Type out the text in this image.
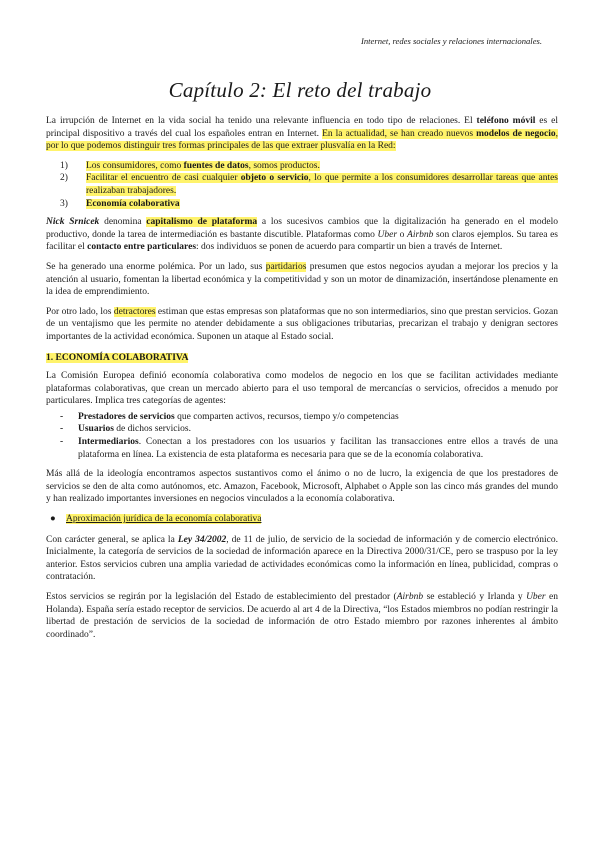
Internet, redes sociales y relaciones internacionales.
Capítulo 2: El reto del trabajo

La irrupción de Internet en la vida social ha tenido una relevante influencia en todo tipo de relaciones. El teléfono móvil es el principal dispositivo a través del cual los españoles entran en Internet. En la actualidad, se han creado nuevos modelos de negocio, por lo que podemos distinguir tres formas principales de las que extraer plusvalía en la Red:

1) Los consumidores, como fuentes de datos, somos productos.
2) Facilitar el encuentro de casi cualquier objeto o servicio, lo que permite a los consumidores desarrollar tareas que antes realizaban trabajadores.
3) Economía colaborativa

Nick Srnicek denomina capitalismo de plataforma a los sucesivos cambios que la digitalización ha generado en el modelo productivo, donde la tarea de intermediación es bastante discutible. Plataformas como Uber o Airbnb son claros ejemplos. Su tarea es facilitar el contacto entre particulares: dos individuos se ponen de acuerdo para compartir un bien a través de Internet.

Se ha generado una enorme polémica. Por un lado, sus partidarios presumen que estos negocios ayudan a mejorar los precios y la atención al usuario, fomentan la libertad económica y la competitividad y son un motor de dinamización, insertándose plenamente en la idea de emprendimiento.

Por otro lado, los detractores estiman que estas empresas son plataformas que no son intermediarios, sino que prestan servicios. Gozan de un ventajismo que les permite no atender debidamente a sus obligaciones tributarias, precarizan el trabajo y denigran sectores importantes de la actividad económica. Suponen un ataque al Estado social.

1. ECONOMÍA COLABORATIVA

La Comisión Europea definió economía colaborativa como modelos de negocio en los que se facilitan actividades mediante plataformas colaborativas, que crean un mercado abierto para el uso temporal de mercancías o servicios, ofrecidos a menudo por particulares. Implica tres categorías de agentes:

- Prestadores de servicios que comparten activos, recursos, tiempo y/o competencias
- Usuarios de dichos servicios.
- Intermediarios. Conectan a los prestadores con los usuarios y facilitan las transacciones entre ellos a través de una plataforma en línea. La existencia de esta plataforma es necesaria para que se de la economía colaborativa.

Más allá de la ideología encontramos aspectos sustantivos como el ánimo o no de lucro, la exigencia de que los prestadores de servicios se den de alta como autónomos, etc. Amazon, Facebook, Microsoft, Alphabet o Apple son las cinco más grandes del mundo y han realizado importantes inversiones en negocios vinculados a la economía colaborativa.

● Aproximación jurídica de la economía colaborativa

Con carácter general, se aplica la Ley 34/2002, de 11 de julio, de servicio de la sociedad de información y de comercio electrónico. Inicialmente, la categoría de servicios de la sociedad de información aparece en la Directiva 2000/31/CE, pero se traspuso por la ley anterior. Estos servicios cubren una amplia variedad de actividades económicas como la información en línea, publicidad, compras o contratación.

Estos servicios se regirán por la legislación del Estado de establecimiento del prestador (Airbnb se estableció y Irlanda y Uber en Holanda). España sería estado receptor de servicios. De acuerdo al art 4 de la Directiva, “los Estados miembros no podían restringir la libertad de prestación de servicios de la sociedad de información de otro Estado miembro por razones inherentes al ámbito coordinado”.
